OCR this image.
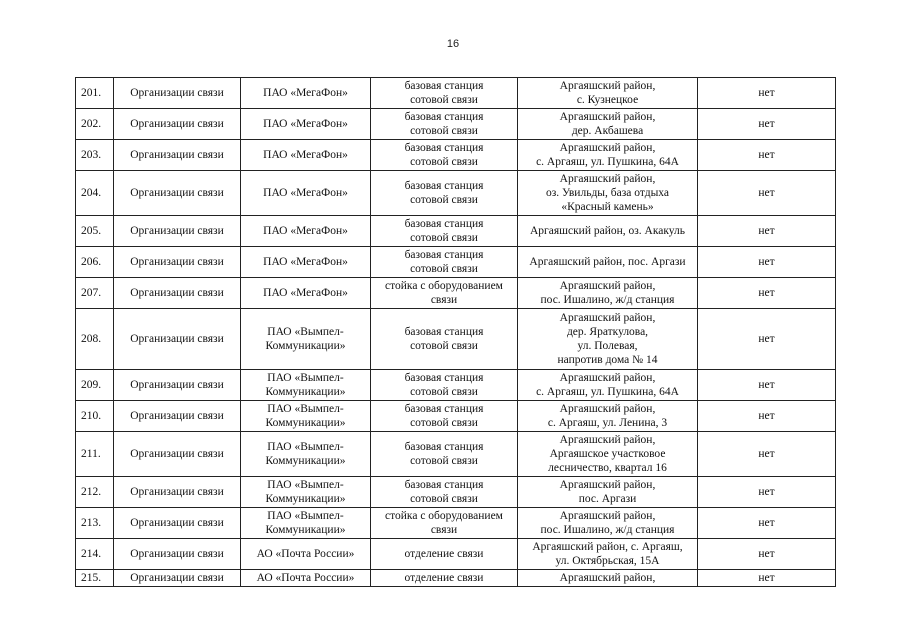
16
201.	Организации связи	ПАО «МегаФон»	базовая станция
сотовой связи	Аргаяшский район,
с. Кузнецкое	нет
202.	Организации связи	ПАО «МегаФон»	базовая станция
сотовой связи	Аргаяшский район,
дер. Акбашева	нет
203.	Организации связи	ПАО «МегаФон»	базовая станция
сотовой связи	Аргаяшский район,
с. Аргаяш, ул. Пушкина, 64А	нет
204.	Организации связи	ПАО «МегаФон»	базовая станция
сотовой связи	Аргаяшский район,
оз. Увильды, база отдыха
«Красный камень»	нет
205.	Организации связи	ПАО «МегаФон»	базовая станция
сотовой связи	Аргаяшский район, оз. Акакуль	нет
206.	Организации связи	ПАО «МегаФон»	базовая станция
сотовой связи	Аргаяшский район, пос. Аргази	нет
207.	Организации связи	ПАО «МегаФон»	стойка с оборудованием
связи	Аргаяшский район,
пос. Ишалино, ж/д станция	нет
208.	Организации связи	ПАО «Вымпел-
Коммуникации»	базовая станция
сотовой связи	Аргаяшский район,
дер. Яраткулова,
ул. Полевая,
напротив дома № 14	нет
209.	Организации связи	ПАО «Вымпел-
Коммуникации»	базовая станция
сотовой связи	Аргаяшский район,
с. Аргаяш, ул. Пушкина, 64А	нет
210.	Организации связи	ПАО «Вымпел-
Коммуникации»	базовая станция
сотовой связи	Аргаяшский район,
с. Аргаяш, ул. Ленина, 3	нет
211.	Организации связи	ПАО «Вымпел-
Коммуникации»	базовая станция
сотовой связи	Аргаяшский район,
Аргаяшское участковое
лесничество, квартал 16	нет
212.	Организации связи	ПАО «Вымпел-
Коммуникации»	базовая станция
сотовой связи	Аргаяшский район,
пос. Аргази	нет
213.	Организации связи	ПАО «Вымпел-
Коммуникации»	стойка с оборудованием
связи	Аргаяшский район,
пос. Ишалино, ж/д станция	нет
214.	Организации связи	АО «Почта России»	отделение связи	Аргаяшский район, с. Аргаяш,
ул. Октябрьская, 15А	нет
215.	Организации связи	АО «Почта России»	отделение связи	Аргаяшский район,	нет
